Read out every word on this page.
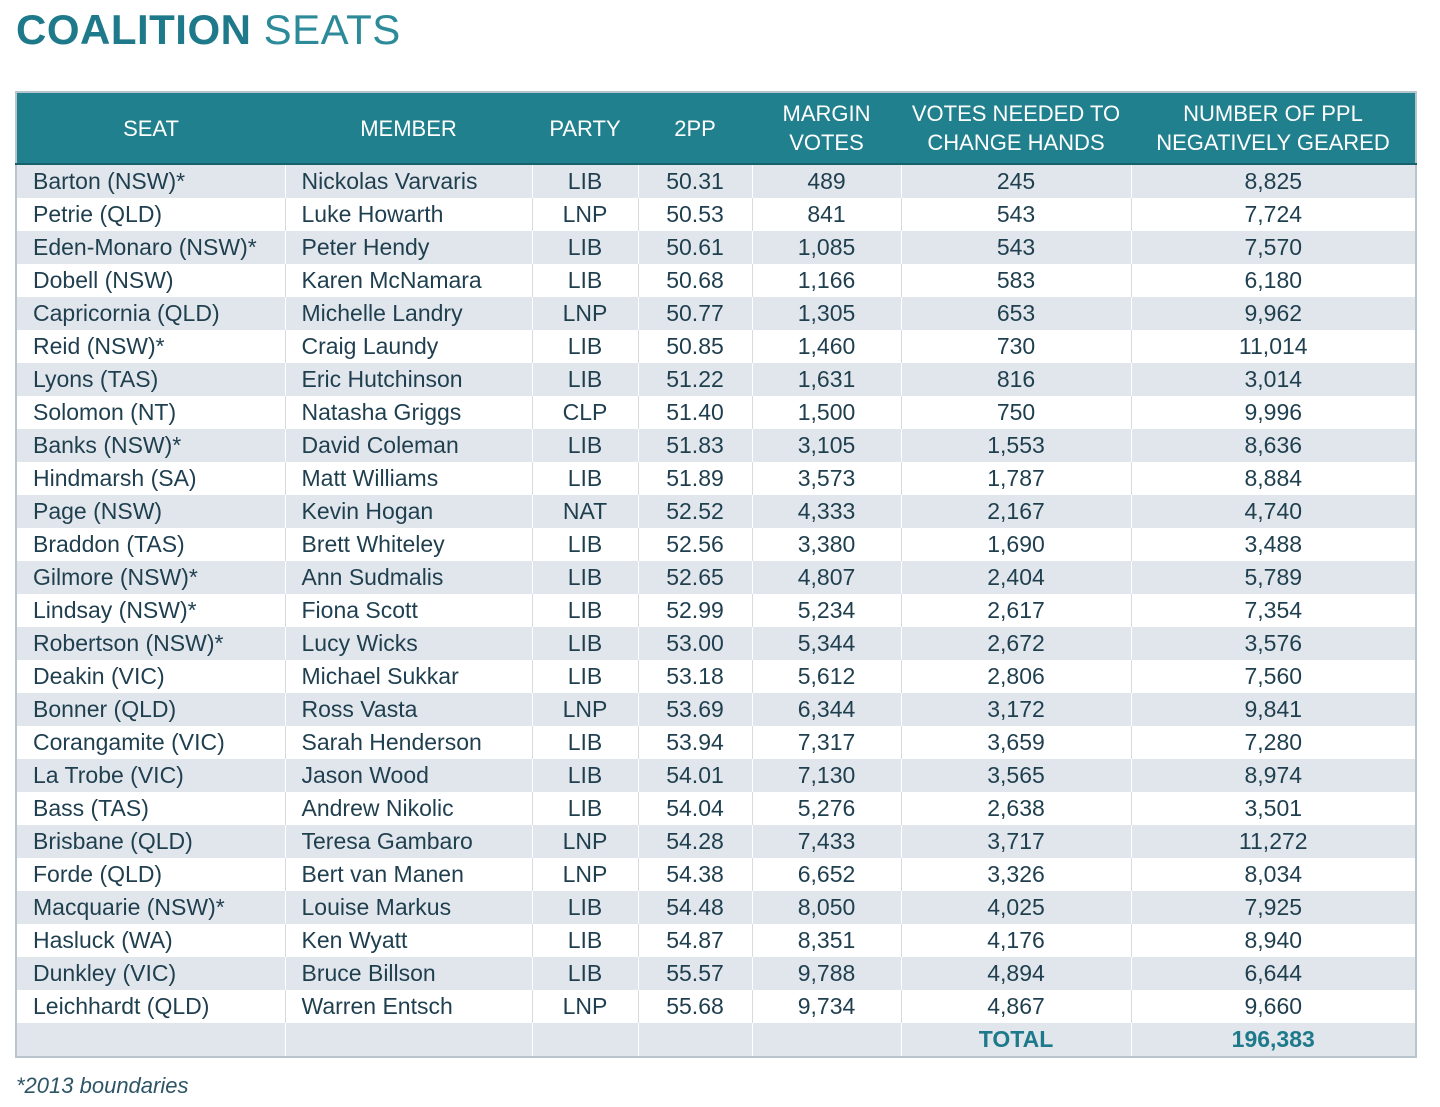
COALITION SEATS
SEAT	MEMBER	PARTY	2PP	MARGIN VOTES	VOTES NEEDED TO CHANGE HANDS	NUMBER OF PPL NEGATIVELY GEARED
Barton (NSW)*	Nickolas Varvaris	LIB	50.31	489	245	8,825
Petrie (QLD)	Luke Howarth	LNP	50.53	841	543	7,724
Eden-Monaro (NSW)*	Peter Hendy	LIB	50.61	1,085	543	7,570
Dobell (NSW)	Karen McNamara	LIB	50.68	1,166	583	6,180
Capricornia (QLD)	Michelle Landry	LNP	50.77	1,305	653	9,962
Reid (NSW)*	Craig Laundy	LIB	50.85	1,460	730	11,014
Lyons (TAS)	Eric Hutchinson	LIB	51.22	1,631	816	3,014
Solomon (NT)	Natasha Griggs	CLP	51.40	1,500	750	9,996
Banks (NSW)*	David Coleman	LIB	51.83	3,105	1,553	8,636
Hindmarsh (SA)	Matt Williams	LIB	51.89	3,573	1,787	8,884
Page (NSW)	Kevin Hogan	NAT	52.52	4,333	2,167	4,740
Braddon (TAS)	Brett Whiteley	LIB	52.56	3,380	1,690	3,488
Gilmore (NSW)*	Ann Sudmalis	LIB	52.65	4,807	2,404	5,789
Lindsay (NSW)*	Fiona Scott	LIB	52.99	5,234	2,617	7,354
Robertson (NSW)*	Lucy Wicks	LIB	53.00	5,344	2,672	3,576
Deakin (VIC)	Michael Sukkar	LIB	53.18	5,612	2,806	7,560
Bonner (QLD)	Ross Vasta	LNP	53.69	6,344	3,172	9,841
Corangamite (VIC)	Sarah Henderson	LIB	53.94	7,317	3,659	7,280
La Trobe (VIC)	Jason Wood	LIB	54.01	7,130	3,565	8,974
Bass (TAS)	Andrew Nikolic	LIB	54.04	5,276	2,638	3,501
Brisbane (QLD)	Teresa Gambaro	LNP	54.28	7,433	3,717	11,272
Forde (QLD)	Bert van Manen	LNP	54.38	6,652	3,326	8,034
Macquarie (NSW)*	Louise Markus	LIB	54.48	8,050	4,025	7,925
Hasluck (WA)	Ken Wyatt	LIB	54.87	8,351	4,176	8,940
Dunkley (VIC)	Bruce Billson	LIB	55.57	9,788	4,894	6,644
Leichhardt (QLD)	Warren Entsch	LNP	55.68	9,734	4,867	9,660
					TOTAL	196,383
*2013 boundaries
